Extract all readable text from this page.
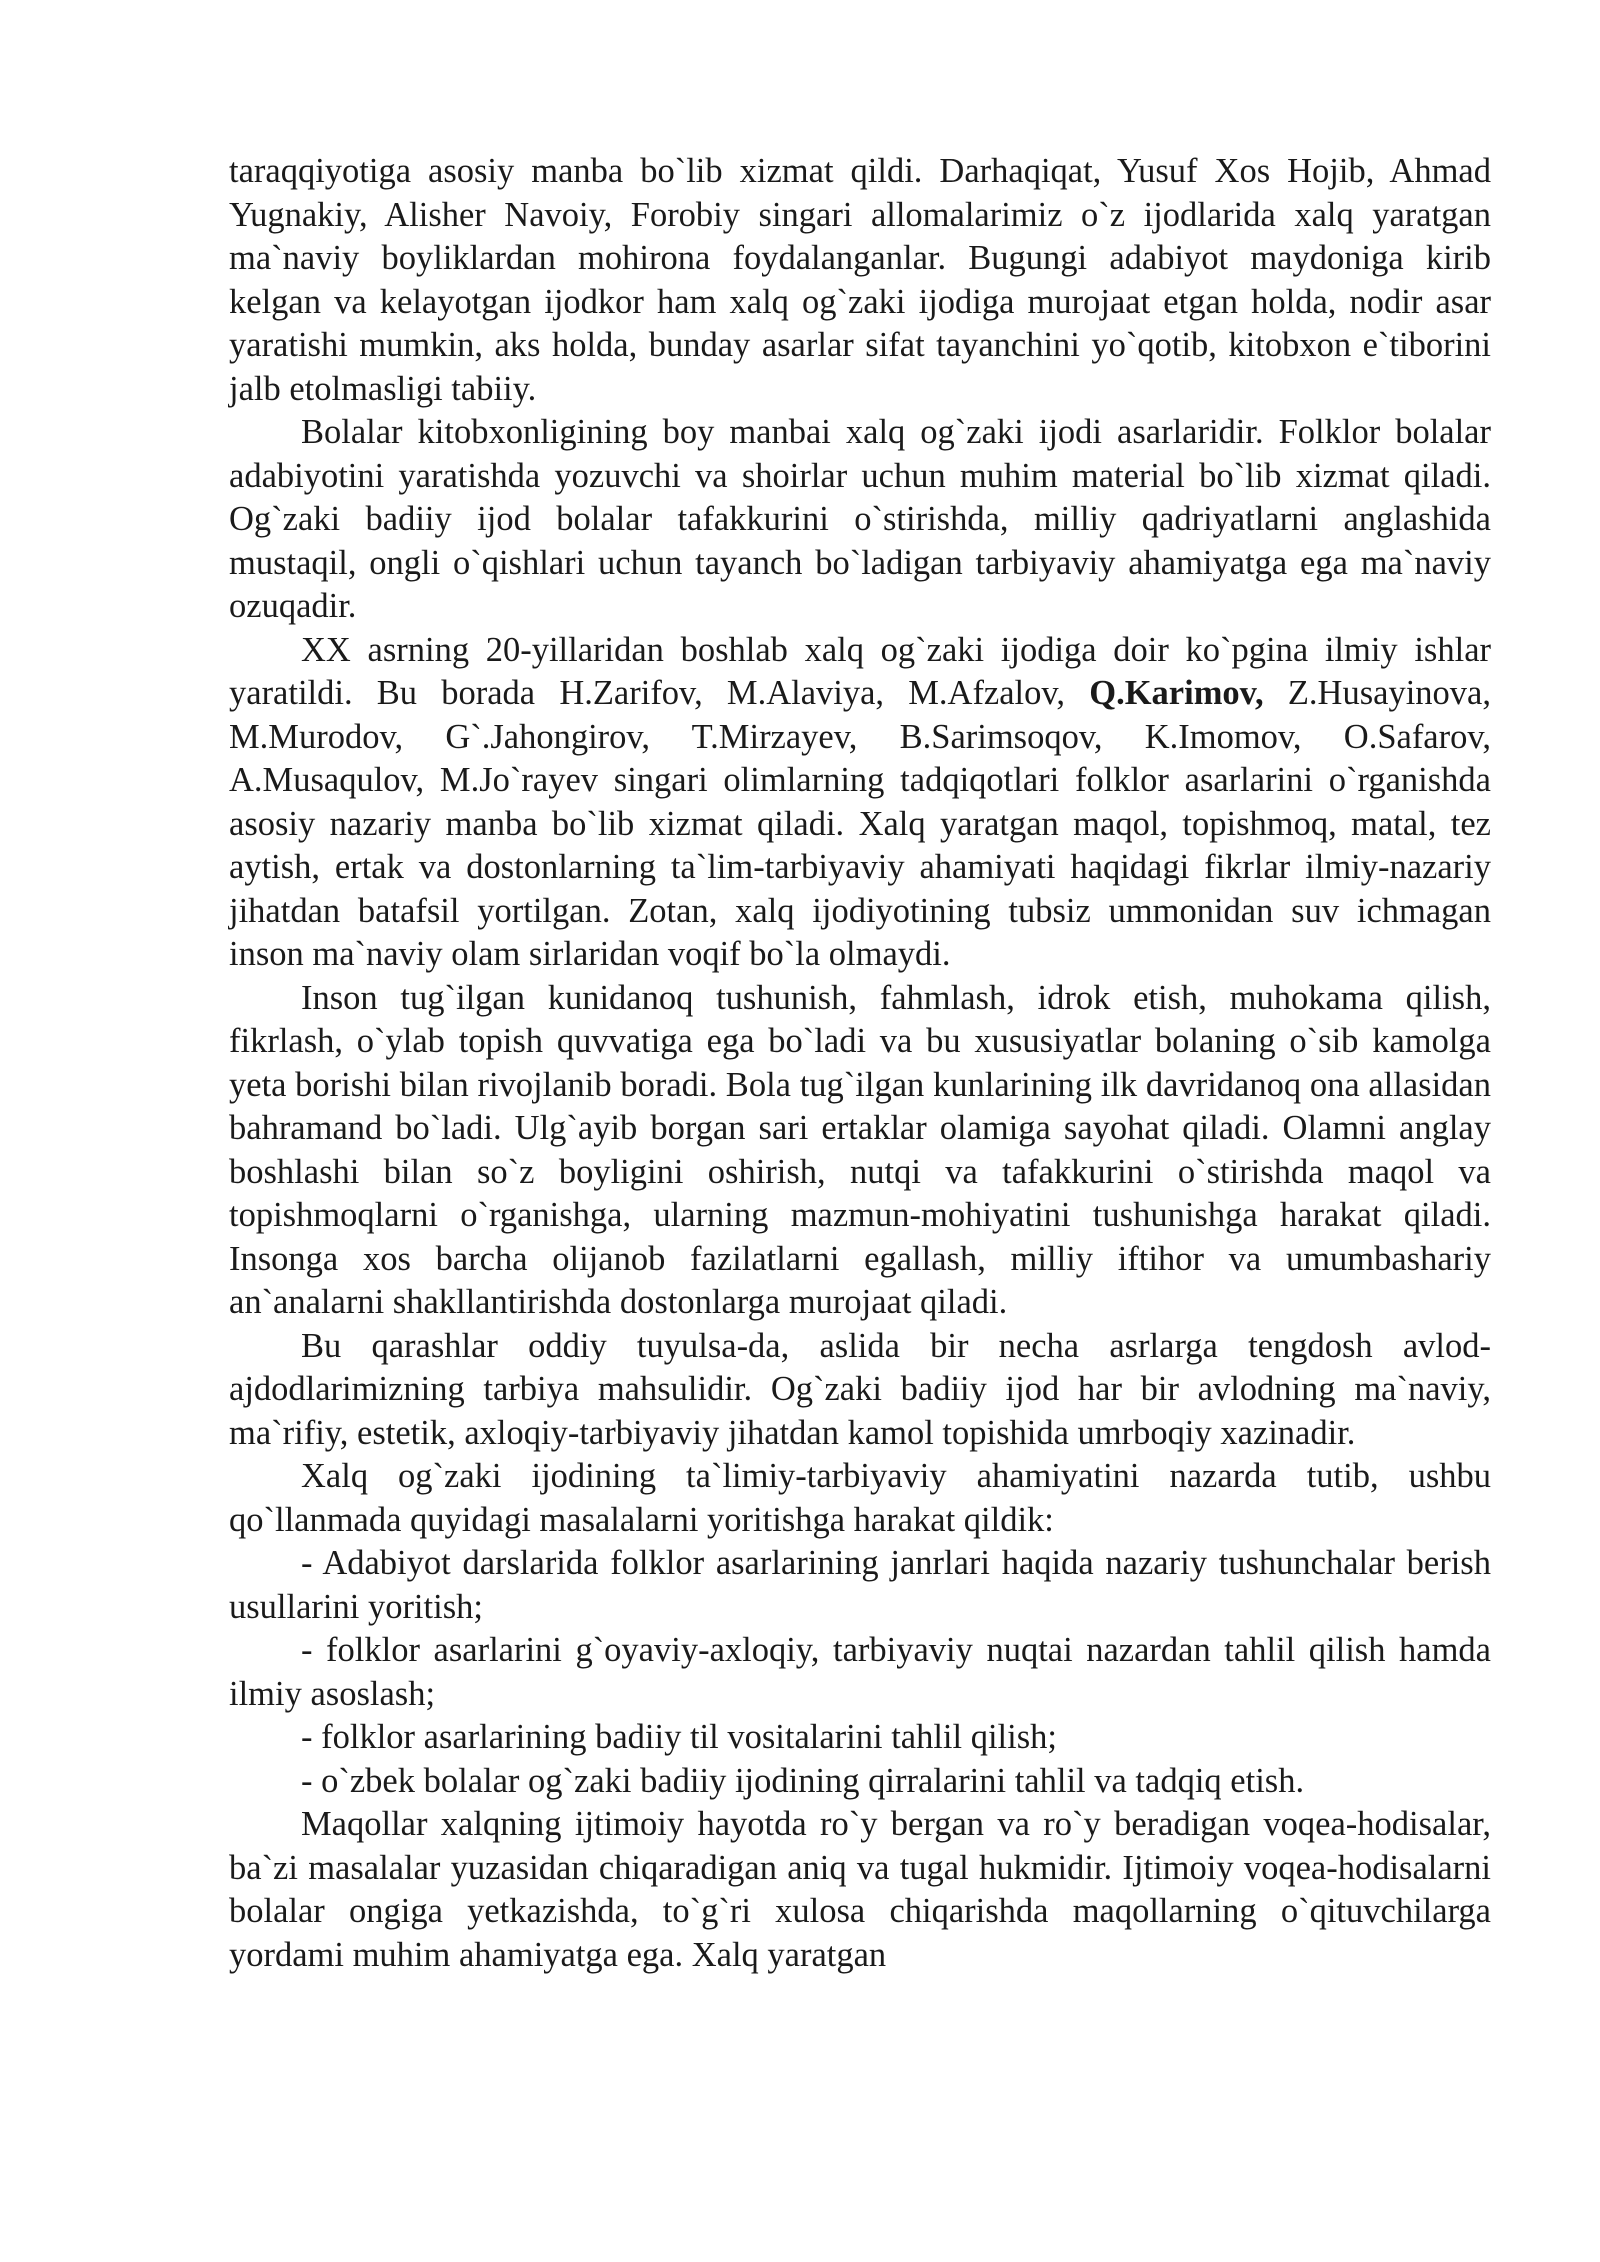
taraqqiyotiga asosiy manba bo`lib xizmat qildi. Darhaqiqat, Yusuf Xos Hojib, Ahmad Yugnakiy, Alisher Navoiy, Forobiy singari allomalarimiz o`z ijodlarida xalq yaratgan ma`naviy boyliklardan mohirona foydalanganlar. Bugungi adabiyot maydoniga kirib kelgan va kelayotgan ijodkor ham xalq og`zaki ijodiga murojaat etgan holda, nodir asar yaratishi mumkin, aks holda, bunday asarlar sifat tayanchini yo`qotib, kitobxon e`tiborini jalb etolmasligi tabiiy.

Bolalar kitobxonligining boy manbai xalq og`zaki ijodi asarlaridir. Folklor bolalar adabiyotini yaratishda yozuvchi va shoirlar uchun muhim material bo`lib xizmat qiladi. Og`zaki badiiy ijod bolalar tafakkurini o`stirishda, milliy qadriyatlarni anglashida mustaqil, ongli o`qishlari uchun tayanch bo`ladigan tarbiyaviy ahamiyatga ega ma`naviy ozuqadir.

XX asrning 20-yillaridan boshlab xalq og`zaki ijodiga doir ko`pgina ilmiy ishlar yaratildi. Bu borada H.Zarifov, M.Alaviya, M.Afzalov, Q.Karimov, Z.Husayinova, M.Murodov, G`.Jahongirov, T.Mirzayev, B.Sarimsoqov, K.Imomov, O.Safarov, A.Musaqulov, M.Jo`rayev singari olimlarning tadqiqotlari folklor asarlarini o`rganishda asosiy nazariy manba bo`lib xizmat qiladi. Xalq yaratgan maqol, topishmoq, matal, tez aytish, ertak va dostonlarning ta`lim-tarbiyaviy ahamiyati haqidagi fikrlar ilmiy-nazariy jihatdan batafsil yortilgan. Zotan, xalq ijodiyotining tubsiz ummonidan suv ichmagan inson ma`naviy olam sirlaridan voqif bo`la olmaydi.

Inson tug`ilgan kunidanoq tushunish, fahmlash, idrok etish, muhokama qilish, fikrlash, o`ylab topish quvvatiga ega bo`ladi va bu xususiyatlar bolaning o`sib kamolga yeta borishi bilan rivojlanib boradi. Bola tug`ilgan kunlarining ilk davridanoq ona allasidan bahramand bo`ladi. Ulg`ayib borgan sari ertaklar olamiga sayohat qiladi. Olamni anglay boshlashi bilan so`z boyligini oshirish, nutqi va tafakkurini o`stirishda maqol va topishmoqlarni o`rganishga, ularning mazmun-mohiyatini tushunishga harakat qiladi. Insonga xos barcha olijanob fazilatlarni egallash, milliy iftihor va umumbashariy an`analarni shakllantirishda dostonlarga murojaat qiladi.

Bu qarashlar oddiy tuyulsa-da, aslida bir necha asrlarga tengdosh avlod-ajdodlarimizning tarbiya mahsulidir. Og`zaki badiiy ijod har bir avlodning ma`naviy, ma`rifiy, estetik, axloqiy-tarbiyaviy jihatdan kamol topishida umrboqiy xazinadir.

Xalq og`zaki ijodining ta`limiy-tarbiyaviy ahamiyatini nazarda tutib, ushbu qo`llanmada quyidagi masalalarni yoritishga harakat qildik:

- Adabiyot darslarida folklor asarlarining janrlari haqida nazariy tushunchalar berish usullarini yoritish;

- folklor asarlarini g`oyaviy-axloqiy, tarbiyaviy nuqtai nazardan tahlil qilish hamda ilmiy asoslash;

- folklor asarlarining badiiy til vositalarini tahlil qilish;

- o`zbek bolalar og`zaki badiiy ijodining qirralarini tahlil va tadqiq etish.

Maqollar xalqning ijtimoiy hayotda ro`y bergan va ro`y beradigan voqea-hodisalar, ba`zi masalalar yuzasidan chiqaradigan aniq va tugal hukmidir. Ijtimoiy voqea-hodisalarni bolalar ongiga yetkazishda, to`g`ri xulosa chiqarishda maqollarning o`qituvchilarga yordami muhim ahamiyatga ega. Xalq yaratgan
